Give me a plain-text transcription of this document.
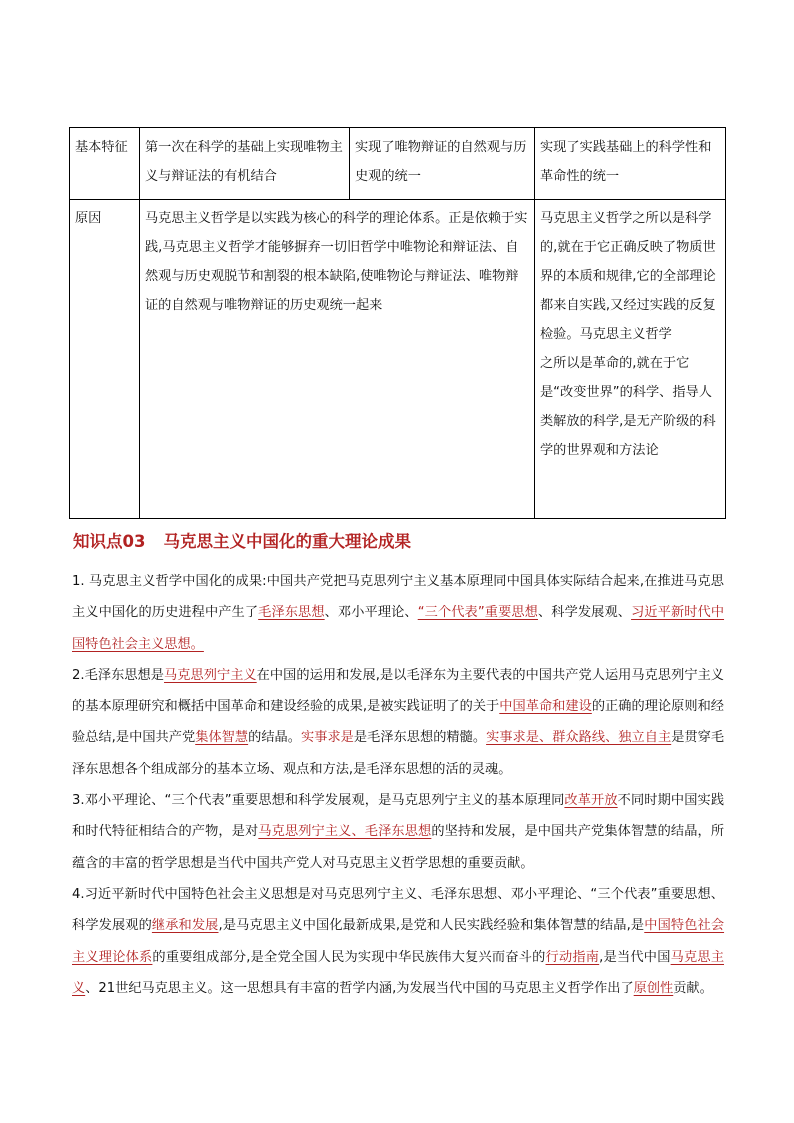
基本特征	第一次在科学的基础上实现唯物主义与辩证法的有机结合	实现了唯物辩证的自然观与历史观的统一	实现了实践基础上的科学性和革命性的统一
原因	马克思主义哲学是以实践为核心的科学的理论体系。正是依赖于实践,马克思主义哲学才能够摒弃一切旧哲学中唯物论和辩证法、自然观与历史观脱节和割裂的根本缺陷,使唯物论与辩证法、唯物辩证的自然观与唯物辩证的历史观统一起来		马克思主义哲学之所以是科学的,就在于它正确反映了物质世界的本质和规律,它的全部理论都来自实践,又经过实践的反复检验。马克思主义哲学
之所以是革命的,就在于它是“改变世界”的科学、指导人类解放的科学,是无产阶级的科学的世界观和方法论
知识点03 马克思主义中国化的重大理论成果

1. 马克思主义哲学中国化的成果:中国共产党把马克思列宁主义基本原理同中国具体实际结合起来,在推进马克思主义中国化的历史进程中产生了毛泽东思想、邓小平理论、“三个代表”重要思想、科学发展观、习近平新时代中国特色社会主义思想。

2.毛泽东思想是马克思列宁主义在中国的运用和发展,是以毛泽东为主要代表的中国共产党人运用马克思列宁主义的基本原理研究和概括中国革命和建设经验的成果,是被实践证明了的关于中国革命和建设的正确的理论原则和经验总结,是中国共产党集体智慧的结晶。实事求是是毛泽东思想的精髓。实事求是、群众路线、独立自主是贯穿毛泽东思想各个组成部分的基本立场、观点和方法,是毛泽东思想的活的灵魂。

3.邓小平理论、“三个代表”重要思想和科学发展观，是马克思列宁主义的基本原理同改革开放不同时期中国实践和时代特征相结合的产物，是对马克思列宁主义、毛泽东思想的坚持和发展，是中国共产党集体智慧的结晶，所蕴含的丰富的哲学思想是当代中国共产党人对马克思主义哲学思想的重要贡献。

4.习近平新时代中国特色社会主义思想是对马克思列宁主义、毛泽东思想、邓小平理论、“三个代表”重要思想、科学发展观的继承和发展,是马克思主义中国化最新成果,是党和人民实践经验和集体智慧的结晶,是中国特色社会主义理论体系的重要组成部分,是全党全国人民为实现中华民族伟大复兴而奋斗的行动指南,是当代中国马克思主义、21世纪马克思主义。这一思想具有丰富的哲学内涵,为发展当代中国的马克思主义哲学作出了原创性贡献。
